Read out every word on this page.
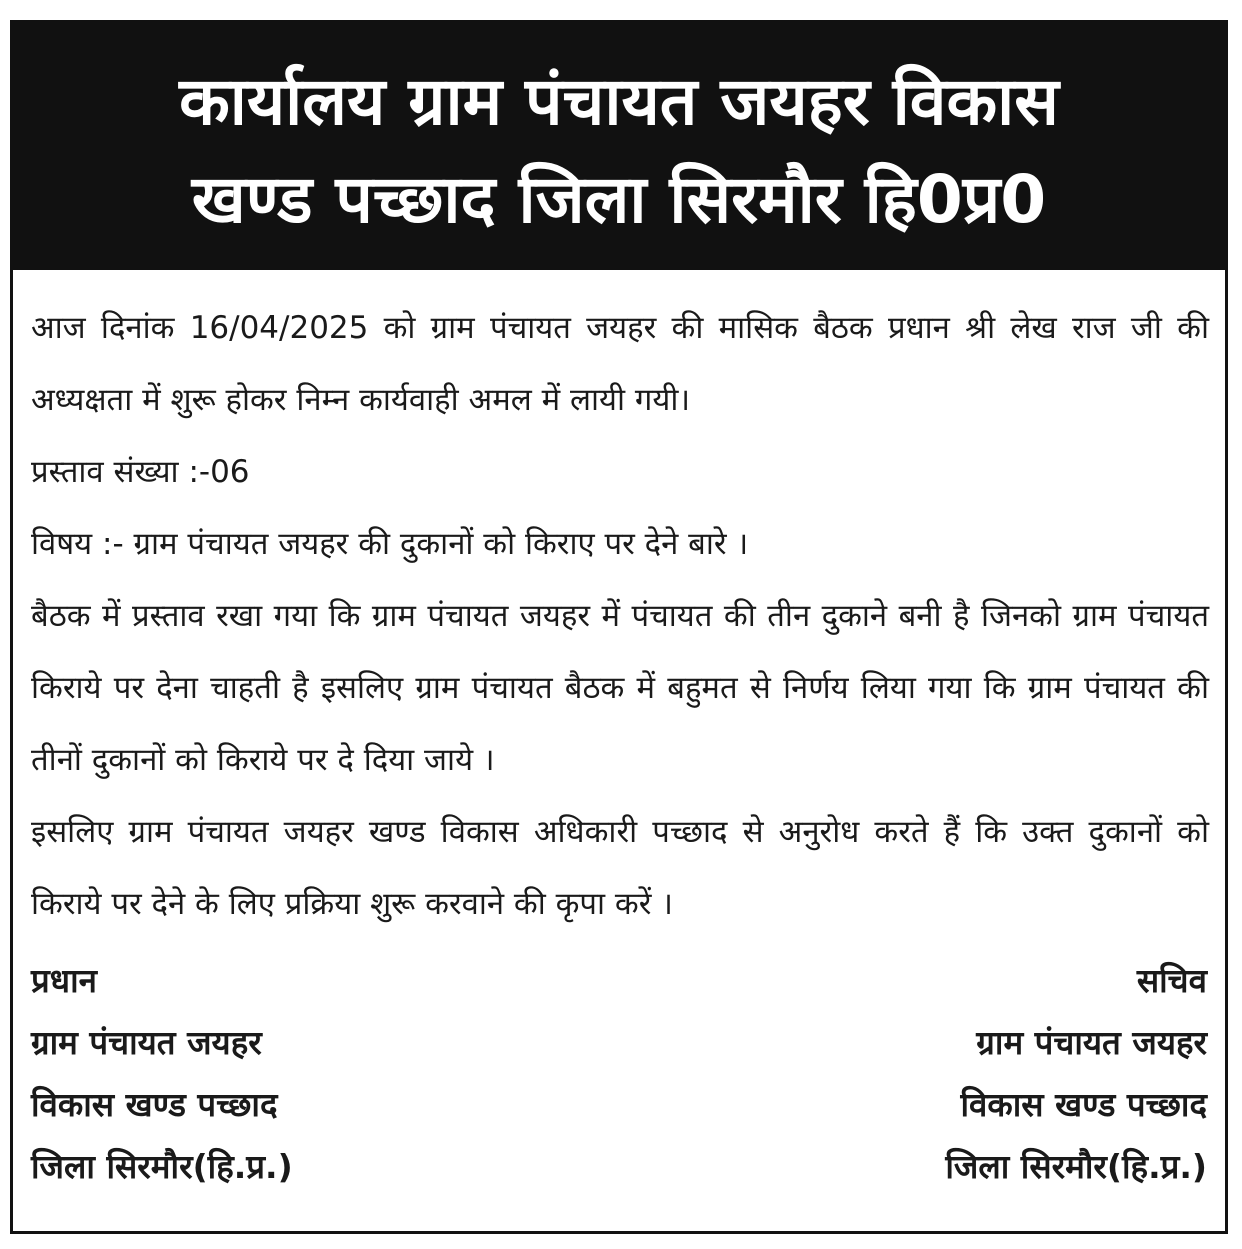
कार्यालय ग्राम पंचायत जयहर विकास
खण्ड पच्छाद जिला सिरमौर हि0प्र0

आज दिनांक 16/04/2025 को ग्राम पंचायत जयहर की मासिक बैठक प्रधान श्री लेख राज जी की अध्यक्षता में शुरू होकर निम्न कार्यवाही अमल में लायी गयी।

प्रस्ताव संख्या :-06

विषय :- ग्राम पंचायत जयहर की दुकानों को किराए पर देने बारे ।

बैठक में प्रस्ताव रखा गया कि ग्राम पंचायत जयहर में पंचायत की तीन दुकाने बनी है जिनको ग्राम पंचायत किराये पर देना चाहती है इसलिए ग्राम पंचायत बैठक में बहुमत से निर्णय लिया गया कि ग्राम पंचायत की तीनों दुकानों को किराये पर दे दिया जाये ।

इसलिए ग्राम पंचायत जयहर खण्ड विकास अधिकारी पच्छाद से अनुरोध करते हैं कि उक्त दुकानों को किराये पर देने के लिए प्रक्रिया शुरू करवाने की कृपा करें ।

प्रधान
ग्राम पंचायत जयहर
विकास खण्ड पच्छाद
जिला सिरमौर(हि.प्र.)
सचिव
ग्राम पंचायत जयहर
विकास खण्ड पच्छाद
जिला सिरमौर(हि.प्र.)
